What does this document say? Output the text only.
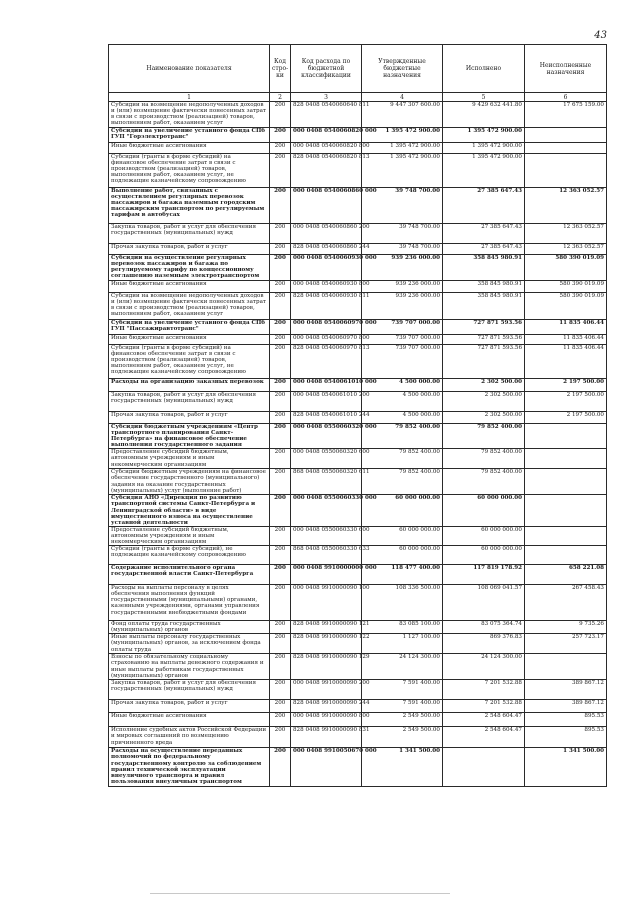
43
Наименование показателя	Код стро-ки	Код расхода по бюджетной классификации	Утвержденные бюджетные назначения	Исполнено	Неисполненные назначения
1	2	3	4	5	6
Субсидии на возмещение недополученных доходов и (или) возмещение фактически понесенных затрат в связи с производством (реализацией) товаров, выполнением работ, оказанием услуг	200	828 0408 0540060640 811	9 447 307 600.00	9 429 632 441.80	17 675 159.00
Субсидии на увеличение уставного фонда СПб ГУП "Горэлектротранс"	200	000 0408 0540060820 000	1 395 472 900.00	1 395 472 900.00	
Иные бюджетные ассигнования	200	000 0408 0540060820 800	1 395 472 900.00	1 395 472 900.00	
Субсидии (гранты в форме субсидий) на финансовое обеспечение затрат в связи с производством (реализацией) товаров, выполнением работ, оказанием услуг, не подлежащие казначейскому сопровождению	200	828 0408 0540060820 813	1 395 472 900.00	1 395 472 900.00	
Выполнение работ, связанных с осуществлением регулярных перевозок пассажиров и багажа наземным городским пассажирским транспортом по регулируемым тарифам в автобусах	200	000 0408 0540060860 000	39 748 700.00	27 385 647.43	12 363 052.57
Закупка товаров, работ и услуг для обеспечения государственных (муниципальных) нужд	200	000 0408 0540060860 200	39 748 700.00	27 385 647.43	12 363 052.57
Прочая закупка товаров, работ и услуг	200	828 0408 0540060860 244	39 748 700.00	27 385 647.43	12 363 052.57
Субсидии на осуществление регулярных перевозок пассажиров и багажа по регулируемому тарифу по концессионному соглашению наземным электротранспортом	200	000 0408 0540060930 000	939 236 000.00	358 845 980.91	580 390 019.09
Иные бюджетные ассигнования	200	000 0408 0540060930 800	939 236 000.00	358 845 980.91	580 390 019.09
Субсидии на возмещение недополученных доходов и (или) возмещение фактически понесенных затрат в связи с производством (реализацией) товаров, выполнением работ, оказанием услуг	200	828 0408 0540060930 811	939 236 000.00	358 845 980.91	580 390 019.09
Субсидии на увеличение уставного фонда СПб ГУП "Пассажиравтотранс"	200	000 0408 0540060970 000	739 707 000.00	727 871 593.56	11 835 406.44
Иные бюджетные ассигнования	200	000 0408 0540060970 800	739 707 000.00	727 871 593.56	11 835 406.44
Субсидии (гранты в форме субсидий) на финансовое обеспечение затрат в связи с производством (реализацией) товаров, выполнением работ, оказанием услуг, не подлежащие казначейскому сопровождению	200	828 0408 0540060970 813	739 707 000.00	727 871 593.56	11 835 406.44
Расходы на организацию заказных перевозок	200	000 0408 0540061010 000	4 500 000.00	2 302 500.00	2 197 500.00
Закупка товаров, работ и услуг для обеспечения государственных (муниципальных) нужд	200	000 0408 0540061010 200	4 500 000.00	2 302 500.00	2 197 500.00
Прочая закупка товаров, работ и услуг	200	828 0408 0540061010 244	4 500 000.00	2 302 500.00	2 197 500.00
Субсидии бюджетным учреждениям «Центр транспортного планирования Санкт-Петербурга» на финансовое обеспечение выполнения государственного задания	200	000 0408 0550060320 000	79 852 400.00	79 852 400.00	
Предоставление субсидий бюджетным, автономным учреждениям и иным некоммерческим организациям	200	000 0408 0550060320 600	79 852 400.00	79 852 400.00	
Субсидии бюджетным учреждениям на финансовое обеспечение государственного (муниципального) задания на оказание государственных (муниципальных) услуг (выполнение работ)	200	868 0408 0550060320 611	79 852 400.00	79 852 400.00	
Субсидия АНО «Дирекция по развитию транспортной системы Санкт-Петербурга и Ленинградской области» в виде имущественного взноса на осуществление уставной деятельности	200	000 0408 0550060330 000	60 000 000.00	60 000 000.00	
Предоставление субсидий бюджетным, автономным учреждениям и иным некоммерческим организациям	200	000 0408 0550060330 600	60 000 000.00	60 000 000.00	
Субсидии (гранты в форме субсидий), не подлежащие казначейскому сопровождению	200	868 0408 0550060330 633	60 000 000.00	60 000 000.00	
Содержание исполнительного органа государственной власти Санкт-Петербурга	200	000 0408 9910000000 000	118 477 400.00	117 819 178.92	658 221.08
Расходы на выплаты персоналу в целях обеспечения выполнения функций государственными (муниципальными) органами, казенными учреждениями, органами управления государственными внебюджетными фондами	200	000 0408 9910000090 100	108 336 500.00	108 069 041.57	267 458.43
Фонд оплаты труда государственных (муниципальных) органов	200	828 0408 9910000090 121	83 085 100.00	83 075 364.74	9 735.26
Иные выплаты персоналу государственных (муниципальных) органов, за исключением фонда оплаты труда	200	828 0408 9910000090 122	1 127 100.00	869 376.83	257 723.17
Взносы по обязательному социальному страхованию на выплаты денежного содержания и иные выплаты работникам государственных (муниципальных) органов	200	828 0408 9910000090 129	24 124 300.00	24 124 300.00	
Закупка товаров, работ и услуг для обеспечения государственных (муниципальных) нужд	200	000 0408 9910000090 200	7 591 400.00	7 201 532.88	389 867.12
Прочая закупка товаров, работ и услуг	200	828 0408 9910000090 244	7 591 400.00	7 201 532.88	389 867.12
Иные бюджетные ассигнования	200	000 0408 9910000090 800	2 549 500.00	2 548 604.47	895.53
Исполнение судебных актов Российской Федерации и мировых соглашений по возмещению причиненного вреда	200	828 0408 9910000090 831	2 549 500.00	2 548 604.47	895.53
Расходы на осуществление переданных полномочий по федеральному государственному контролю за соблюдением правил технической эксплуатации внеуличного транспорта и правил пользования внеуличным транспортом	200	000 0408 9910050670 000	1 341 500.00		1 341 500.00
